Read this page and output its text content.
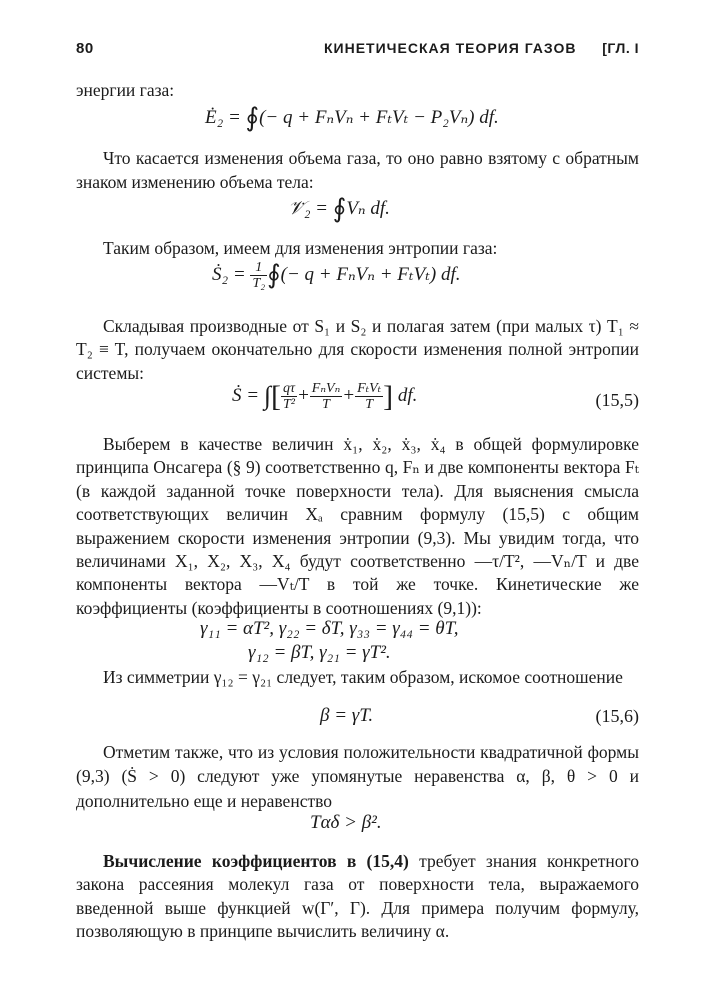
80	КИНЕТИЧЕСКАЯ ТЕОРИЯ ГАЗОВ [ГЛ. I
энергии газа:
Ė₂ = ∮(− q + FₙVₙ + FₜVₜ − P₂Vₙ) df.
Что касается изменения объема газа, то оно равно взятому с обратным знаком изменению объема тела:
𝒱̇₂ = ∮Vₙ df.
Таким образом, имеем для изменения энтропии газа:
Ṡ₂ = $\frac{1}{\text{T₂}}$ ∮(− q + FₙVₙ + FₜVₜ) df.
Складывая производные от S₁ и S₂ и полагая затем (при малых τ) T₁ ≈ T₂ ≡ T, получаем окончательно для скорости изменения полной энтропии системы:
Ṡ = ∫[ $\frac{q\tau}{\text{T²}} + \frac{\text{FₙVₙ}}{T} + \frac{\text{FₜVₜ}}{T}$ ] df.	(15,5)
Выберем в качестве величин ẋ₁, ẋ₂, ẋ₃, ẋ₄ в общей формулировке принципа Онсагера (§ 9) соответственно q, Fₙ и две компоненты вектора Fₜ (в каждой заданной точке поверхности тела). Для выяснения смысла соответствующих величин Xₐ сравним формулу (15,5) с общим выражением скорости изменения энтропии (9,3). Мы увидим тогда, что величинами X₁, X₂, X₃, X₄ будут соответственно —τ/T², —Vₙ/T и две компоненты вектора —Vₜ/T в той же точке. Кинетические же коэффициенты (коэффициенты в соотношениях (9,1)):
γ₁₁ = αT², γ₂₂ = δT, γ₃₃ = γ₄₄ = θT,
γ₁₂ = βT, γ₂₁ = γT².
Из симметрии γ₁₂ = γ₂₁ следует, таким образом, искомое соотношение
β = γT.	(15,6)
Отметим также, что из условия положительности квадратичной формы (9,3) (Ṡ > 0) следуют уже упомянутые неравенства α, β, θ > 0 и дополнительно еще и неравенство
Tαδ > β².
Вычисление коэффициентов в (15,4) требует знания конкретного закона рассеяния молекул газа от поверхности тела, выражаемого введенной выше функцией w(Γ′, Γ). Для примера получим формулу, позволяющую в принципе вычислить величину α.
